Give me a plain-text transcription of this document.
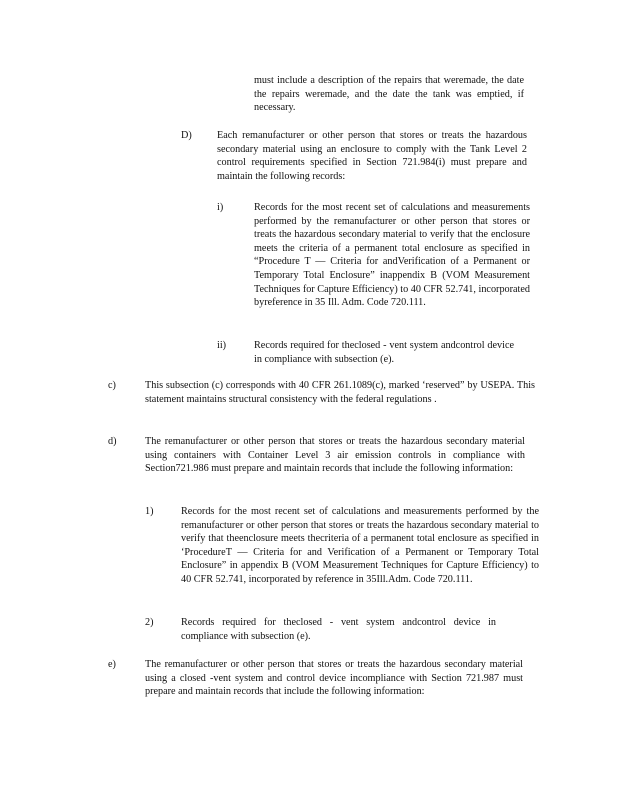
must include a description of the repairs that weremade, the date the repairs weremade, and the date the tank was emptied, if necessary.

D) Each remanufacturer or other person that stores or treats the hazardous secondary material using an enclosure to comply with the Tank Level 2 control requirements specified in Section 721.984(i) must prepare and maintain the following records:

i)	Records for the most recent set of calculations and measurements performed by the remanufacturer or other person that stores or treats the hazardous secondary material to verify that the enclosure meets the criteria of a permanent total enclosure as specified in “Procedure T — Criteria for andVerification of a Permanent or Temporary Total Enclosure” inappendix B (VOM Measurement Techniques for Capture Efficiency) to 40 CFR 52.741, incorporated byreference in 35 Ill. Adm. Code 720.111.

ii)	Records required for theclosed - vent system andcontrol device in compliance with subsection (e).

c)	This subsection (c) corresponds with 40 CFR 261.1089(c), marked ‘reserved” by USEPA. This statement maintains structural consistency with the federal regulations .

d)	The remanufacturer or other person that stores or treats the hazardous secondary material using containers with Container Level 3 air emission controls in compliance with Section721.986 must prepare and maintain records that include the following information:

1)	Records for the most recent set of calculations and measurements performed by the remanufacturer or other person that stores or treats the hazardous secondary material to verify that theenclosure meets thecriteria of a permanent total enclosure as specified in ‘ProcedureT — Criteria for and Verification of a Permanent or Temporary Total Enclosure” in appendix B (VOM Measurement Techniques for Capture Efficiency) to 40 CFR 52.741, incorporated by reference in 35Ill.Adm. Code 720.111.

2)	Records required for theclosed - vent system andcontrol device in compliance with subsection (e).

e)	The remanufacturer or other person that stores or treats the hazardous secondary material using a closed -vent system and control device incompliance with Section 721.987 must prepare and maintain records that include the following information:
